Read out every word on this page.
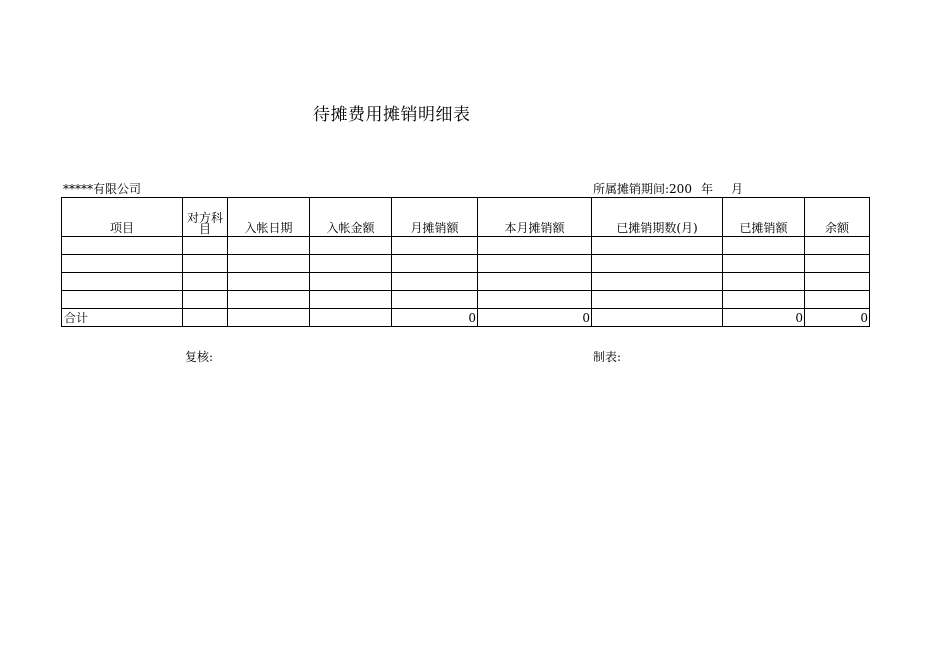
待摊费用摊销明细表
*****有限公司	所属摊销期间:200 年 月
项目	对方科目	入帐日期	入帐金额	月摊销额	本月摊销额	已摊销期数(月)	已摊销额	余额

合计				0	0		0	0
复核:	制表:
